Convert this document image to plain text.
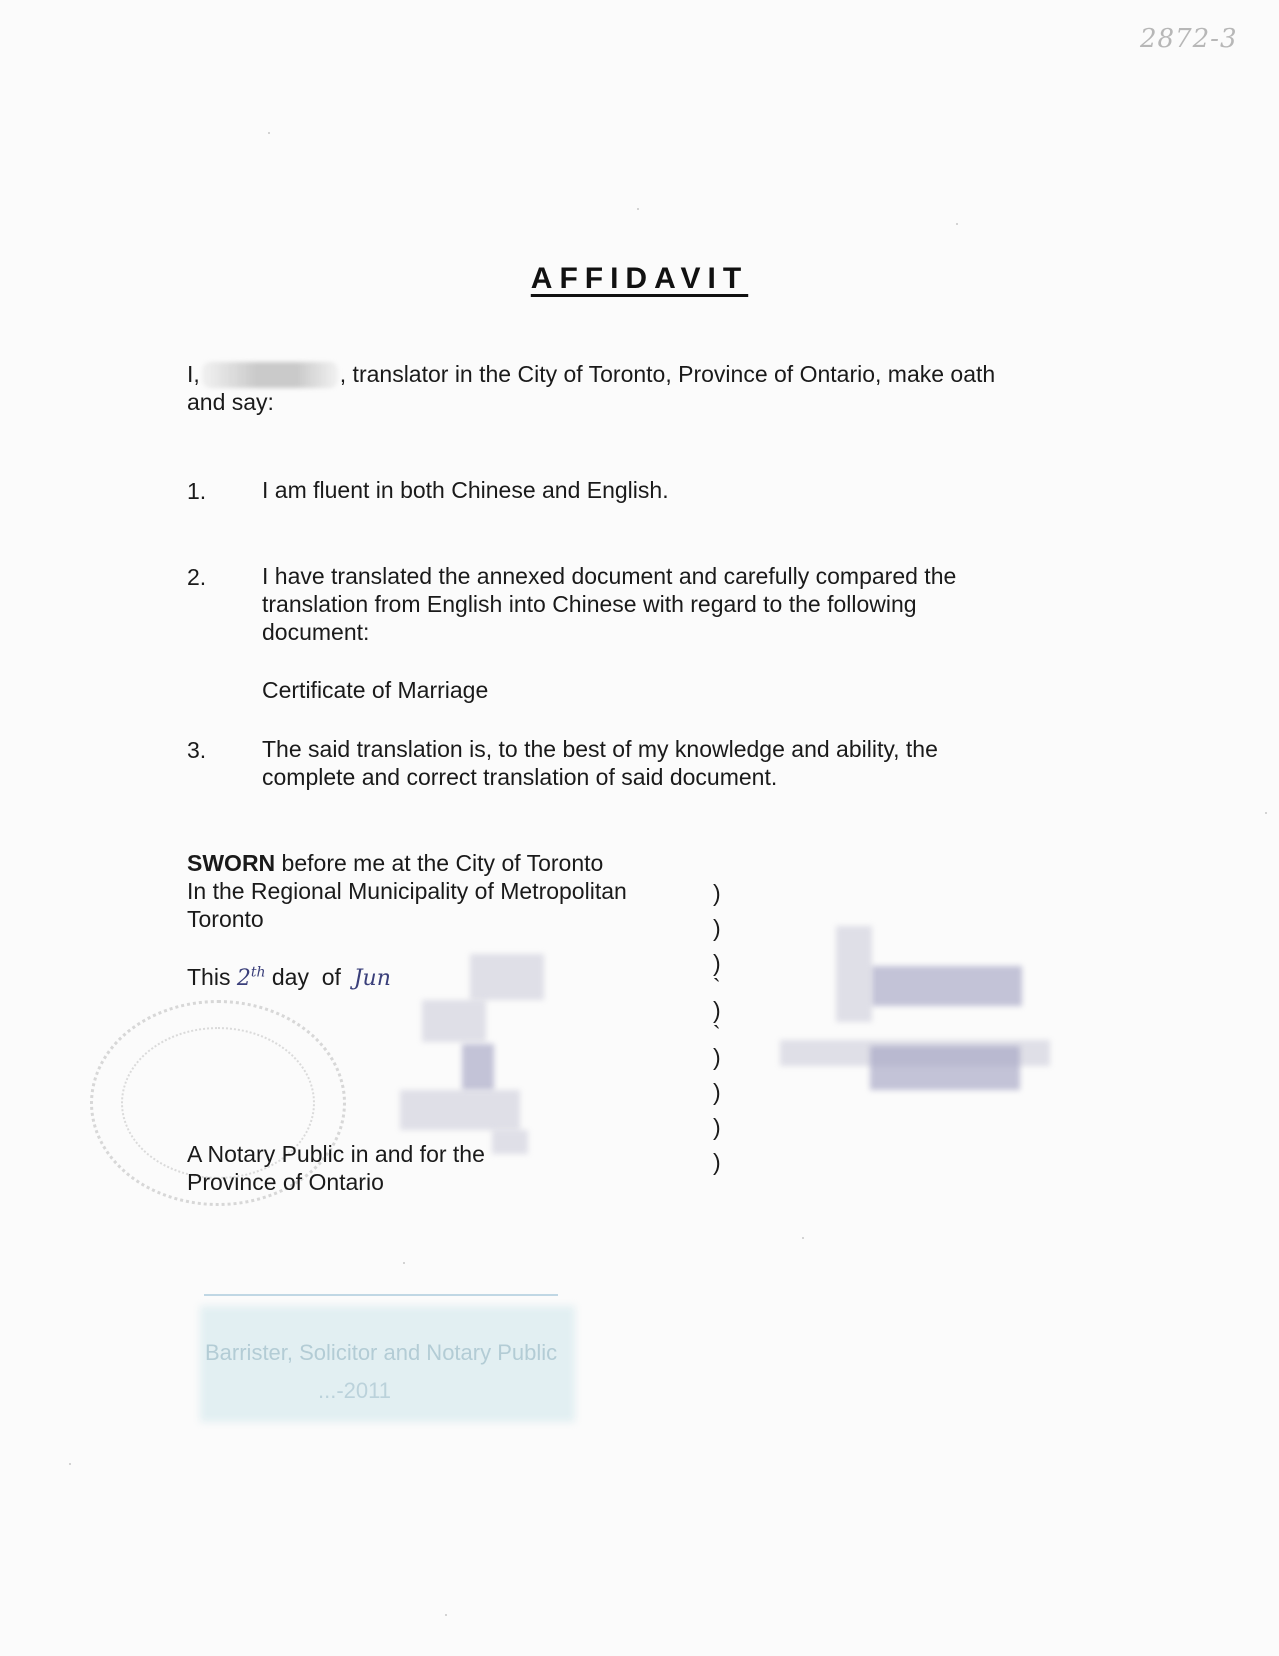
2872-3
AFFIDAVIT
I,	, translator in the City of Toronto, Province of Ontario, make oath
and say:
1. I am fluent in both Chinese and English.
2. I have translated the annexed document and carefully compared the translation from English into Chinese with regard to the following document:
Certificate of Marriage
3. The said translation is, to the best of my knowledge and ability, the complete and correct translation of said document.
SWORN before me at the City of Toronto
In the Regional Municipality of Metropolitan
Toronto
This 2th day of Jun
)
)
)
`
)
`
)
)
)
)
A Notary Public in and for the
Province of Ontario
Barrister, Solicitor and Notary Public
...-2011
